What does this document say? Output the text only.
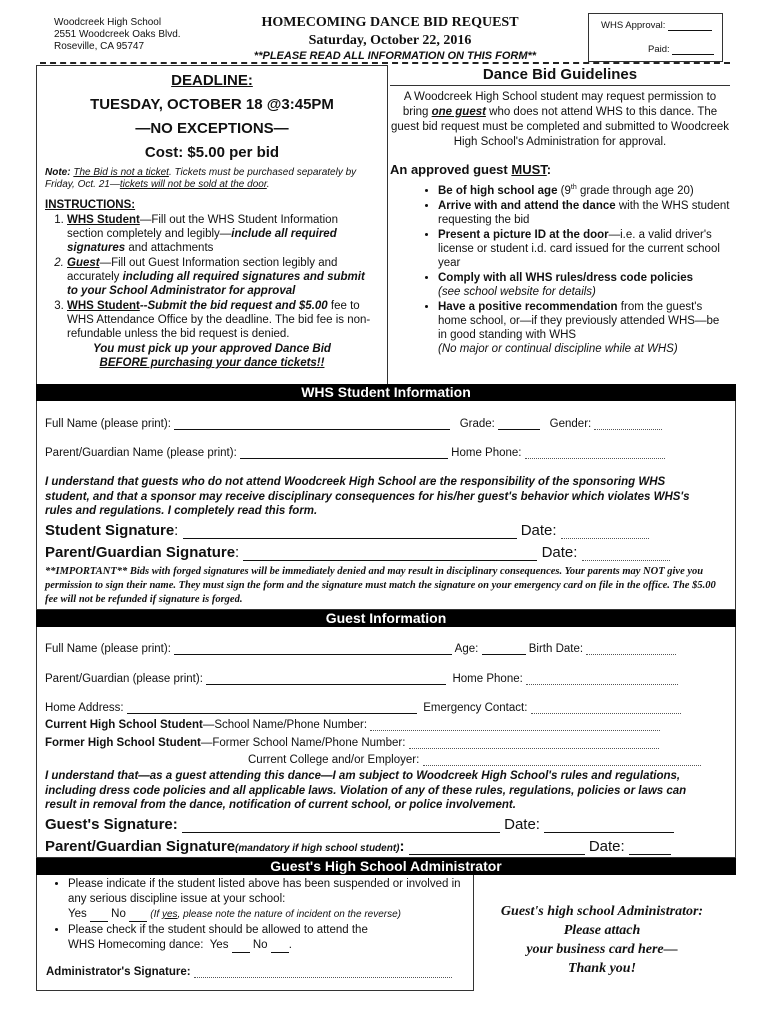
Woodcreek High School
2551 Woodcreek Oaks Blvd.
Roseville, CA 95747
HOMECOMING DANCE BID REQUEST
Saturday, October 22, 2016
**PLEASE READ ALL INFORMATION ON THIS FORM**
WHS Approval:
Paid:
DEADLINE:
TUESDAY, OCTOBER 18 @3:45PM
—NO EXCEPTIONS—
Cost: $5.00 per bid
Note: The Bid is not a ticket. Tickets must be purchased separately by Friday, Oct. 21—tickets will not be sold at the door.
INSTRUCTIONS:
1. WHS Student—Fill out the WHS Student Information section completely and legibly—include all required signatures and attachments
2. Guest—Fill out Guest Information section legibly and accurately including all required signatures and submit to your School Administrator for approval
3. WHS Student--Submit the bid request and $5.00 fee to WHS Attendance Office by the deadline. The bid fee is non-refundable unless the bid request is denied.
You must pick up your approved Dance Bid
BEFORE purchasing your dance tickets!!
Dance Bid Guidelines
A Woodcreek High School student may request permission to bring one guest who does not attend WHS to this dance. The guest bid request must be completed and submitted to Woodcreek High School's Administration for approval.
An approved guest MUST:
• Be of high school age (9th grade through age 20)
• Arrive with and attend the dance with the WHS student requesting the bid
• Present a picture ID at the door—i.e. a valid driver's license or student i.d. card issued for the current school year
• Comply with all WHS rules/dress code policies
(see school website for details)
• Have a positive recommendation from the guest's home school, or—if they previously attended WHS—be in good standing with WHS
(No major or continual discipline while at WHS)
WHS Student Information
Full Name (please print):	Grade:	Gender:
Parent/Guardian Name (please print):	Home Phone:
I understand that guests who do not attend Woodcreek High School are the responsibility of the sponsoring WHS student, and that a sponsor may receive disciplinary consequences for his/her guest's behavior which violates WHS's rules and regulations. I completely read this form.
Student Signature:	Date:
Parent/Guardian Signature:	Date:
**IMPORTANT** Bids with forged signatures will be immediately denied and may result in disciplinary consequences. Your parents may NOT give you permission to sign their name. They must sign the form and the signature must match the signature on your emergency card on file in the office. The $5.00 fee will not be refunded if signature is forged.
Guest Information
Full Name (please print):	Age:	Birth Date:
Parent/Guardian (please print):	Home Phone:
Home Address:	Emergency Contact:
Current High School Student—School Name/Phone Number:
Former High School Student—Former School Name/Phone Number:
Current College and/or Employer:
I understand that—as a guest attending this dance—I am subject to Woodcreek High School's rules and regulations, including dress code policies and all applicable laws. Violation of any of these rules, regulations, policies or laws can result in removal from the dance, notification of current school, or police involvement.
Guest's Signature:	Date:
Parent/Guardian Signature(mandatory if high school student):	Date:
Guest's High School Administrator
• Please indicate if the student listed above has been suspended or involved in any serious discipline issue at your school:
Yes No (If yes, please note the nature of incident on the reverse)
• Please check if the student should be allowed to attend the
WHS Homecoming dance: Yes No .
Administrator's Signature:
Guest's high school Administrator:
Please attach
your business card here—
Thank you!
